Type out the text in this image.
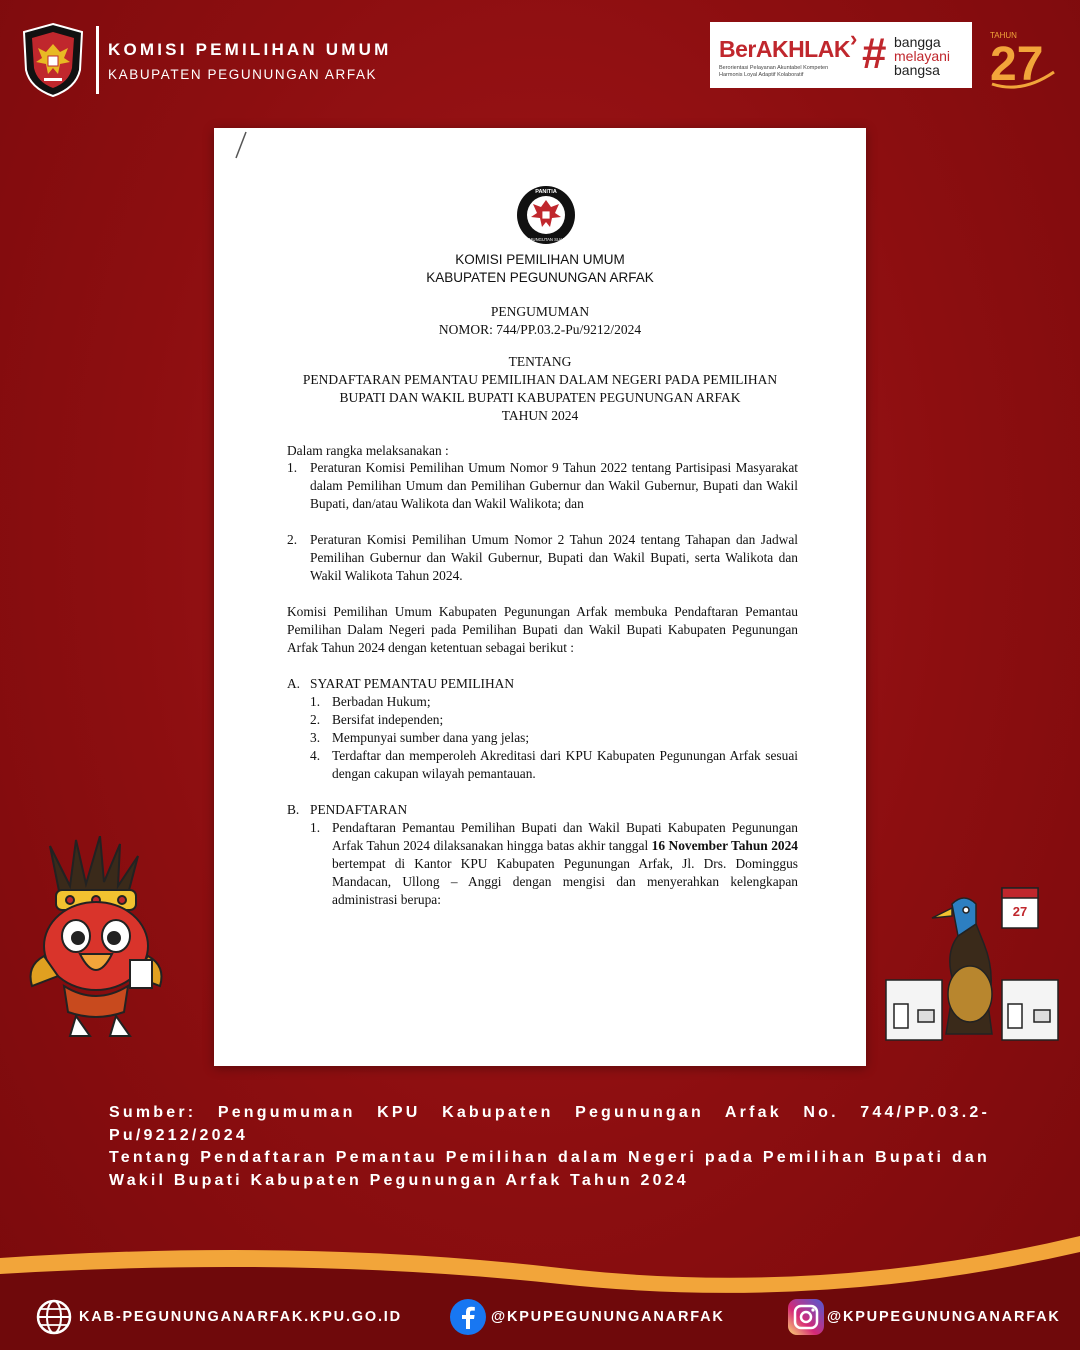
KOMISI PEMILIHAN UMUM
KABUPATEN PEGUNUNGAN ARFAK
BerAKHLAK ›
Berorientasi Pelayanan Akuntabel Kompeten Harmonis Loyal Adaptif Kolaboratif	# bangga
melayani
bangsa 27
TAHUN
PANITIA
PEMUNGUTAN SUARA
KOMISI PEMILIHAN UMUM
KABUPATEN PEGUNUNGAN ARFAK
PENGUMUMAN
NOMOR: 744/PP.03.2-Pu/9212/2024
TENTANG
PENDAFTARAN PEMANTAU PEMILIHAN DALAM NEGERI PADA PEMILIHAN
BUPATI DAN WAKIL BUPATI KABUPATEN PEGUNUNGAN ARFAK
TAHUN 2024
Dalam rangka melaksanakan :
1. Peraturan Komisi Pemilihan Umum Nomor 9 Tahun 2022 tentang Partisipasi Masyarakat dalam Pemilihan Umum dan Pemilihan Gubernur dan Wakil Gubernur, Bupati dan Wakil Bupati, dan/atau Walikota dan Wakil Walikota; dan
2. Peraturan Komisi Pemilihan Umum Nomor 2 Tahun 2024 tentang Tahapan dan Jadwal Pemilihan Gubernur dan Wakil Gubernur, Bupati dan Wakil Bupati, serta Walikota dan Wakil Walikota Tahun 2024.
Komisi Pemilihan Umum Kabupaten Pegunungan Arfak membuka Pendaftaran Pemantau Pemilihan Dalam Negeri pada Pemilihan Bupati dan Wakil Bupati Kabupaten Pegunungan Arfak Tahun 2024 dengan ketentuan sebagai berikut :
A. SYARAT PEMANTAU PEMILIHAN
1. Berbadan Hukum;
2. Bersifat independen;
3. Mempunyai sumber dana yang jelas;
4. Terdaftar dan memperoleh Akreditasi dari KPU Kabupaten Pegunungan Arfak sesuai dengan cakupan wilayah pemantauan.
B. PENDAFTARAN
1. Pendaftaran Pemantau Pemilihan Bupati dan Wakil Bupati Kabupaten Pegunungan Arfak Tahun 2024 dilaksanakan hingga batas akhir tanggal 16 November Tahun 2024 bertempat di Kantor KPU Kabupaten Pegunungan Arfak, Jl. Drs. Dominggus Mandacan, Ullong – Anggi dengan mengisi dan menyerahkan kelengkapan administrasi berupa:
27
Sumber: Pengumuman KPU Kabupaten Pegunungan Arfak No. 744/PP.03.2-Pu/9212/2024
Tentang Pendaftaran Pemantau Pemilihan dalam Negeri pada Pemilihan Bupati dan Wakil Bupati Kabupaten Pegunungan Arfak Tahun 2024
KAB-PEGUNUNGANARFAK.KPU.GO.ID	@KPUPEGUNUNGANARFAK	@KPUPEGUNUNGANARFAK
